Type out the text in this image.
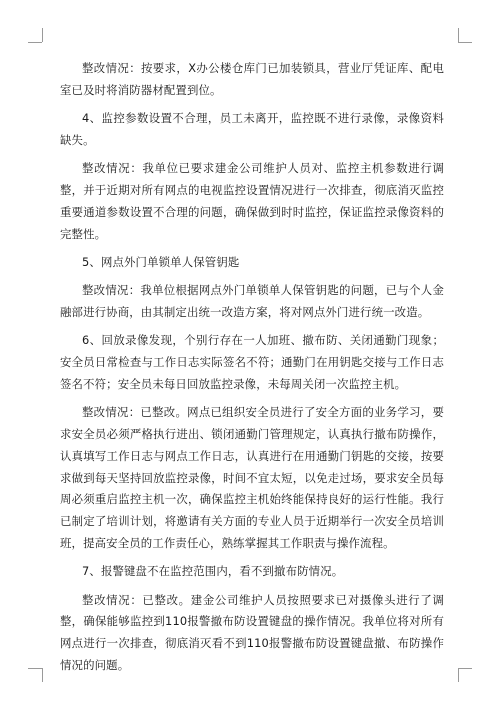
整改情况：按要求，X办公楼仓库门已加装锁具，营业厅凭证库、配电室已及时将消防器材配置到位。

4、监控参数设置不合理，员工未离开，监控既不进行录像，录像资料缺失。

整改情况：我单位已要求建金公司维护人员对、监控主机参数进行调整，并于近期对所有网点的电视监控设置情况进行一次排查，彻底消灭监控重要通道参数设置不合理的问题，确保做到时时监控，保证监控录像资料的完整性。

5、网点外门单锁单人保管钥匙

整改情况：我单位根据网点外门单锁单人保管钥匙的问题，已与个人金融部进行协商，由其制定出统一改造方案，将对网点外门进行统一改造。

6、回放录像发现，个别行存在一人加班、撤布防、关闭通勤门现象；安全员日常检查与工作日志实际签名不符；通勤门在用钥匙交接与工作日志签名不符；安全员未每日回放监控录像，未每周关闭一次监控主机。

整改情况：已整改。网点已组织安全员进行了安全方面的业务学习，要求安全员必须严格执行进出、锁闭通勤门管理规定，认真执行撤布防操作，认真填写工作日志与网点工作日志，认真进行在用通勤门钥匙的交接，按要求做到每天坚持回放监控录像，时间不宜太短，以免走过场，要求安全员每周必须重启监控主机一次，确保监控主机始终能保持良好的运行性能。我行已制定了培训计划，将邀请有关方面的专业人员于近期举行一次安全员培训班，提高安全员的工作责任心，熟练掌握其工作职责与操作流程。

7、报警键盘不在监控范围内，看不到撤布防情况。

整改情况：已整改。建金公司维护人员按照要求已对摄像头进行了调整，确保能够监控到110报警撤布防设置键盘的操作情况。我单位将对所有网点进行一次排查，彻底消灭看不到110报警撤布防设置键盘撤、布防操作情况的问题。
